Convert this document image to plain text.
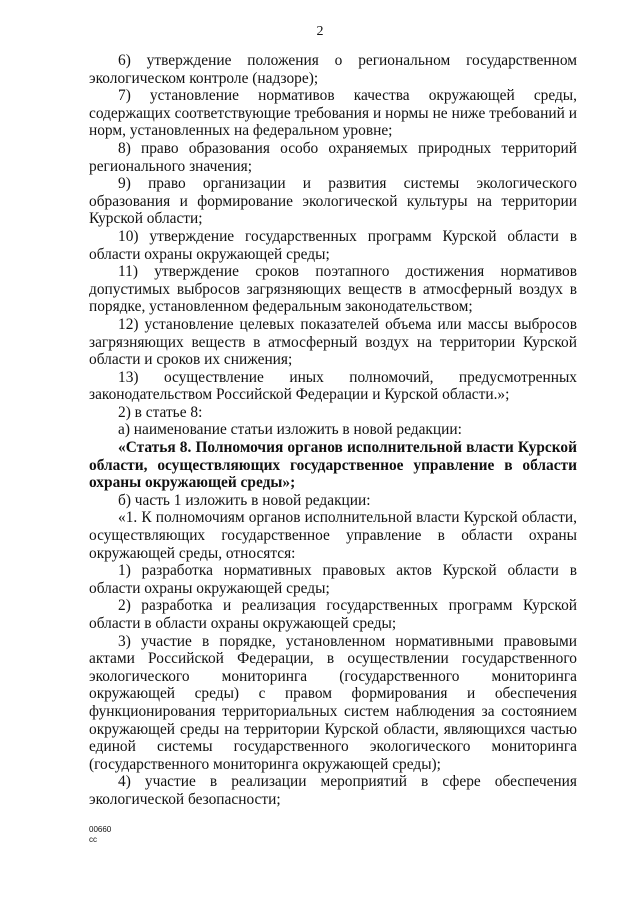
2

6) утверждение положения о региональном государственном экологическом контроле (надзоре);

7) установление нормативов качества окружающей среды, содержащих соответствующие требования и нормы не ниже требований и норм, установленных на федеральном уровне;

8) право образования особо охраняемых природных территорий регионального значения;

9) право организации и развития системы экологического образования и формирование экологической культуры на территории Курской области;

10) утверждение государственных программ Курской области в области охраны окружающей среды;

11) утверждение сроков поэтапного достижения нормативов допустимых выбросов загрязняющих веществ в атмосферный воздух в порядке, установленном федеральным законодательством;

12) установление целевых показателей объема или массы выбросов загрязняющих веществ в атмосферный воздух на территории Курской области и сроков их снижения;

13) осуществление иных полномочий, предусмотренных законодательством Российской Федерации и Курской области.»;

2) в статье 8:

а) наименование статьи изложить в новой редакции:

«Статья 8. Полномочия органов исполнительной власти Курской области, осуществляющих государственное управление в области охраны окружающей среды»;

б) часть 1 изложить в новой редакции:

«1. К полномочиям органов исполнительной власти Курской области, осуществляющих государственное управление в области охраны окружающей среды, относятся:

1) разработка нормативных правовых актов Курской области в области охраны окружающей среды;

2) разработка и реализация государственных программ Курской области в области охраны окружающей среды;

3) участие в порядке, установленном нормативными правовыми актами Российской Федерации, в осуществлении государственного экологического мониторинга (государственного мониторинга окружающей среды) с правом формирования и обеспечения функционирования территориальных систем наблюдения за состоянием окружающей среды на территории Курской области, являющихся частью единой системы государственного экологического мониторинга (государственного мониторинга окружающей среды);

4) участие в реализации мероприятий в сфере обеспечения экологической безопасности;

00660
cc
